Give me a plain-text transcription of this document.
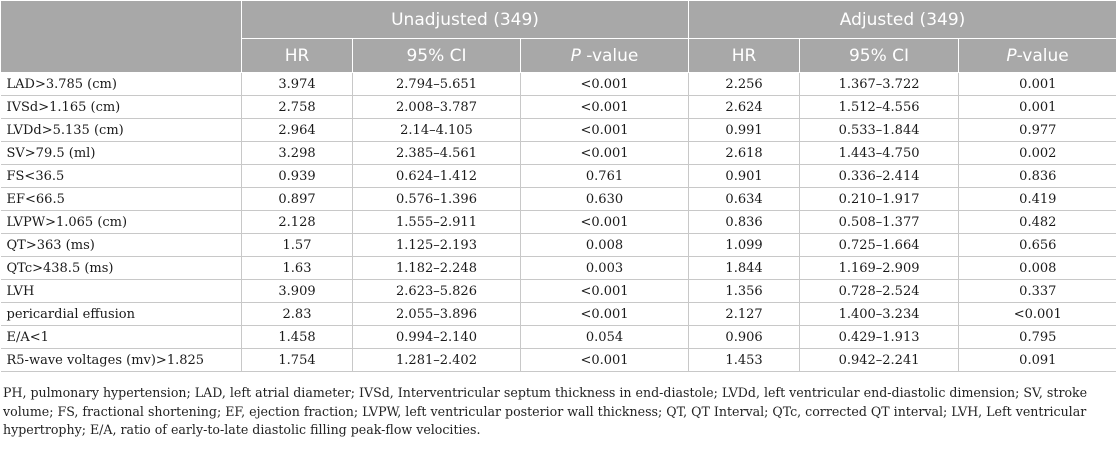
	Unadjusted (349)			Adjusted (349)		
	HR	95% CI	P -value	HR	95% CI	P-value
LAD>3.785 (cm)	3.974	2.794–5.651	<0.001	2.256	1.367–3.722	0.001
IVSd>1.165 (cm)	2.758	2.008–3.787	<0.001	2.624	1.512–4.556	0.001
LVDd>5.135 (cm)	2.964	2.14–4.105	<0.001	0.991	0.533–1.844	0.977
SV>79.5 (ml)	3.298	2.385–4.561	<0.001	2.618	1.443–4.750	0.002
FS<36.5	0.939	0.624–1.412	0.761	0.901	0.336–2.414	0.836
EF<66.5	0.897	0.576–1.396	0.630	0.634	0.210–1.917	0.419
LVPW>1.065 (cm)	2.128	1.555–2.911	<0.001	0.836	0.508–1.377	0.482
QT>363 (ms)	1.57	1.125–2.193	0.008	1.099	0.725–1.664	0.656
QTc>438.5 (ms)	1.63	1.182–2.248	0.003	1.844	1.169–2.909	0.008
LVH	3.909	2.623–5.826	<0.001	1.356	0.728–2.524	0.337
pericardial effusion	2.83	2.055–3.896	<0.001	2.127	1.400–3.234	<0.001
E/A<1	1.458	0.994–2.140	0.054	0.906	0.429–1.913	0.795
R5-wave voltages (mv)>1.825	1.754	1.281–2.402	<0.001	1.453	0.942–2.241	0.091

PH, pulmonary hypertension; LAD, left atrial diameter; IVSd, Interventricular septum thickness in end-diastole; LVDd, left ventricular end-diastolic dimension; SV, stroke volume; FS, fractional shortening; EF, ejection fraction; LVPW, left ventricular posterior wall thickness; QT, QT Interval; QTc, corrected QT interval; LVH, Left ventricular hypertrophy; E/A, ratio of early-to-late diastolic filling peak-flow velocities.
